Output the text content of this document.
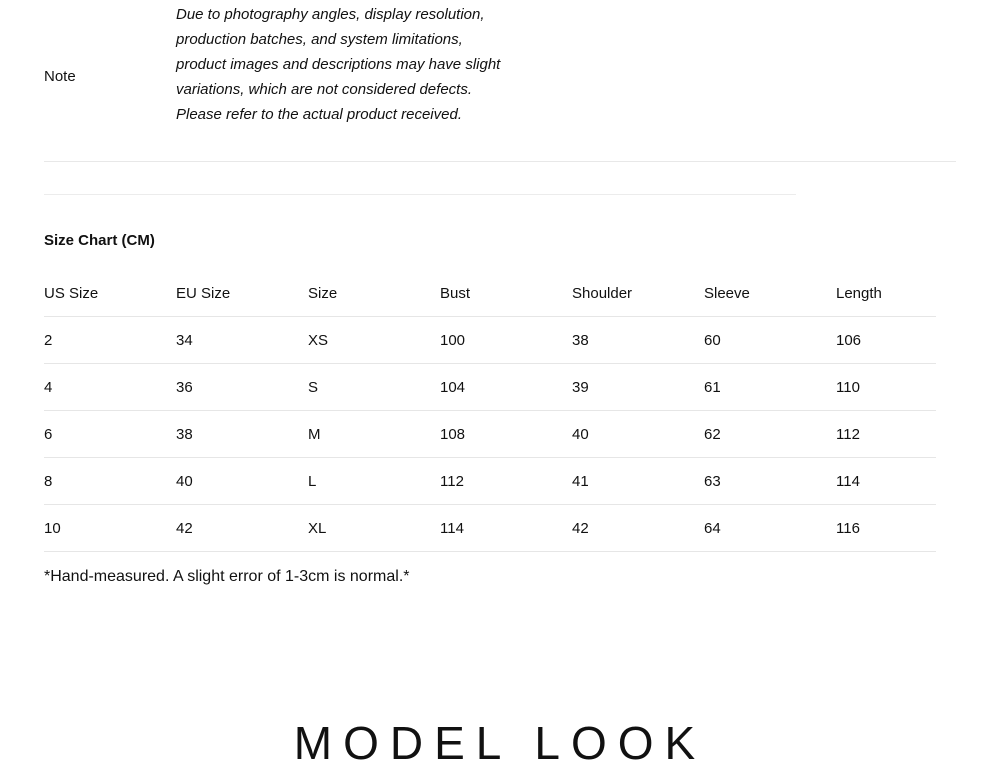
Note

Due to photography angles, display resolution, production batches, and system limitations, product images and descriptions may have slight variations, which are not considered defects. Please refer to the actual product received.

Size Chart (CM)
US Size	EU Size	Size	Bust	Shoulder	Sleeve	Length
2	34	XS	100	38	60	106
4	36	S	104	39	61	110
6	38	M	108	40	62	112
8	40	L	112	41	63	114
10	42	XL	114	42	64	116
*Hand-measured. A slight error of 1-3cm is normal.*
MODEL LOOK
